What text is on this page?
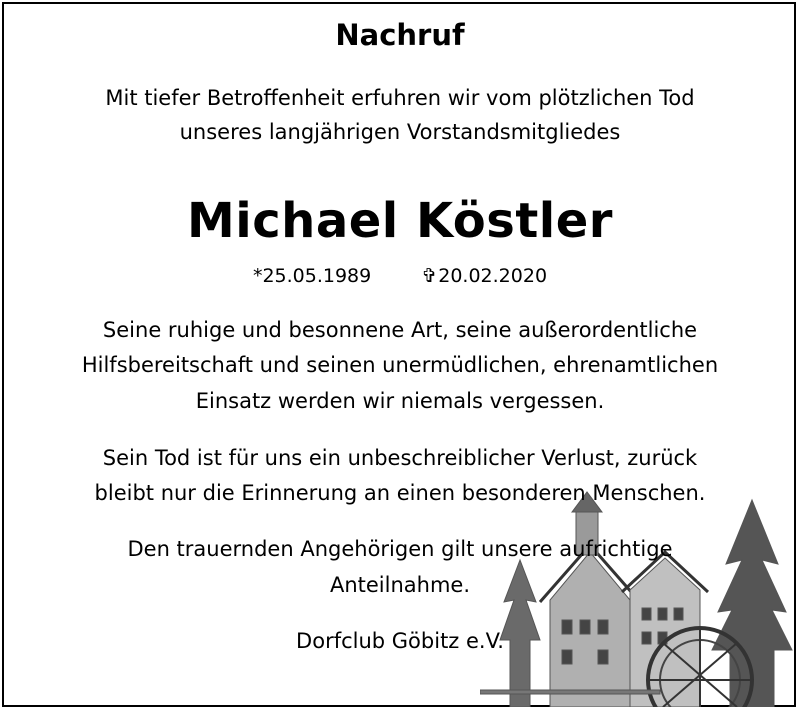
Nachruf
Mit tiefer Betroffenheit erfuhren wir vom plötzlichen Tod
unseres langjährigen Vorstandsmitgliedes
Michael Köstler
*25.05.1989	✞20.02.2020
Seine ruhige und besonnene Art, seine außerordentliche
Hilfsbereitschaft und seinen unermüdlichen, ehrenamtlichen
Einsatz werden wir niemals vergessen.
Sein Tod ist für uns ein unbeschreiblicher Verlust, zurück
bleibt nur die Erinnerung an einen besonderen Menschen.
Den trauernden Angehörigen gilt unsere aufrichtige
Anteilnahme.
Dorfclub Göbitz e.V.
